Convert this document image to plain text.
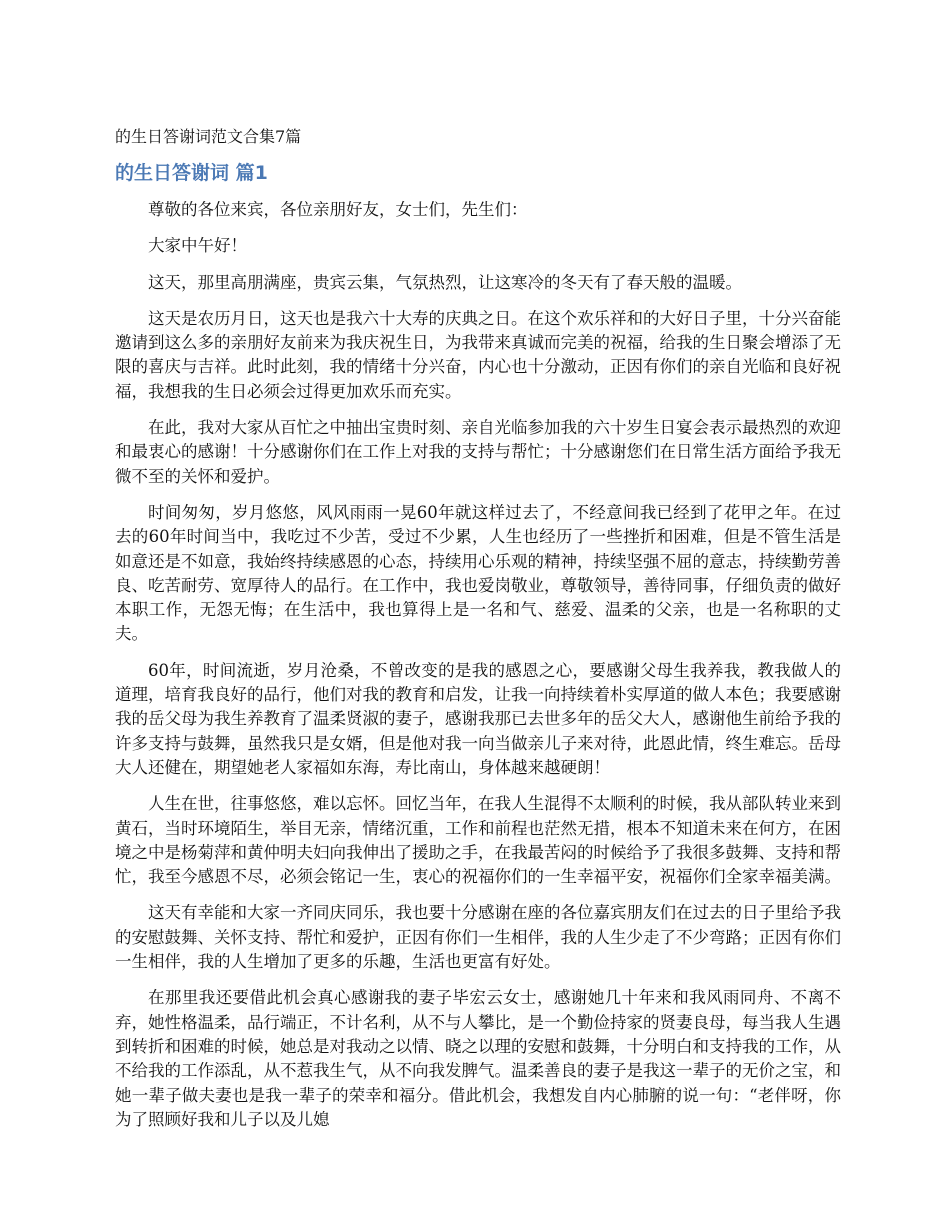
的生日答谢词范文合集7篇
的生日答谢词 篇1

尊敬的各位来宾，各位亲朋好友，女士们，先生们：

大家中午好！

这天，那里高朋满座，贵宾云集，气氛热烈，让这寒冷的冬天有了春天般的温暖。

这天是农历月日，这天也是我六十大寿的庆典之日。在这个欢乐祥和的大好日子里，十分兴奋能邀请到这么多的亲朋好友前来为我庆祝生日，为我带来真诚而完美的祝福，给我的生日聚会增添了无限的喜庆与吉祥。此时此刻，我的情绪十分兴奋，内心也十分激动，正因有你们的亲自光临和良好祝福，我想我的生日必须会过得更加欢乐而充实。

在此，我对大家从百忙之中抽出宝贵时刻、亲自光临参加我的六十岁生日宴会表示最热烈的欢迎和最衷心的感谢！十分感谢你们在工作上对我的支持与帮忙；十分感谢您们在日常生活方面给予我无微不至的关怀和爱护。

时间匆匆，岁月悠悠，风风雨雨一晃60年就这样过去了，不经意间我已经到了花甲之年。在过去的60年时间当中，我吃过不少苦，受过不少累，人生也经历了一些挫折和困难，但是不管生活是如意还是不如意，我始终持续感恩的心态，持续用心乐观的精神，持续坚强不屈的意志，持续勤劳善良、吃苦耐劳、宽厚待人的品行。在工作中，我也爱岗敬业，尊敬领导，善待同事，仔细负责的做好本职工作，无怨无悔；在生活中，我也算得上是一名和气、慈爱、温柔的父亲，也是一名称职的丈夫。

60年，时间流逝，岁月沧桑，不曾改变的是我的感恩之心，要感谢父母生我养我，教我做人的道理，培育我良好的品行，他们对我的教育和启发，让我一向持续着朴实厚道的做人本色；我要感谢我的岳父母为我生养教育了温柔贤淑的妻子，感谢我那已去世多年的岳父大人，感谢他生前给予我的许多支持与鼓舞，虽然我只是女婿，但是他对我一向当做亲儿子来对待，此恩此情，终生难忘。岳母大人还健在，期望她老人家福如东海，寿比南山，身体越来越硬朗！

人生在世，往事悠悠，难以忘怀。回忆当年，在我人生混得不太顺利的时候，我从部队转业来到黄石，当时环境陌生，举目无亲，情绪沉重，工作和前程也茫然无措，根本不知道未来在何方，在困境之中是杨菊萍和黄仲明夫妇向我伸出了援助之手，在我最苦闷的时候给予了我很多鼓舞、支持和帮忙，我至今感恩不尽，必须会铭记一生，衷心的祝福你们的一生幸福平安，祝福你们全家幸福美满。

这天有幸能和大家一齐同庆同乐，我也要十分感谢在座的各位嘉宾朋友们在过去的日子里给予我的安慰鼓舞、关怀支持、帮忙和爱护，正因有你们一生相伴，我的人生少走了不少弯路；正因有你们一生相伴，我的人生增加了更多的乐趣，生活也更富有好处。

在那里我还要借此机会真心感谢我的妻子毕宏云女士，感谢她几十年来和我风雨同舟、不离不弃，她性格温柔，品行端正，不计名利，从不与人攀比，是一个勤俭持家的贤妻良母，每当我人生遇到转折和困难的时候，她总是对我动之以情、晓之以理的安慰和鼓舞，十分明白和支持我的工作，从不给我的工作添乱，从不惹我生气，从不向我发脾气。温柔善良的妻子是我这一辈子的无价之宝，和她一辈子做夫妻也是我一辈子的荣幸和福分。借此机会，我想发自内心肺腑的说一句：“老伴呀，你为了照顾好我和儿子以及儿媳
